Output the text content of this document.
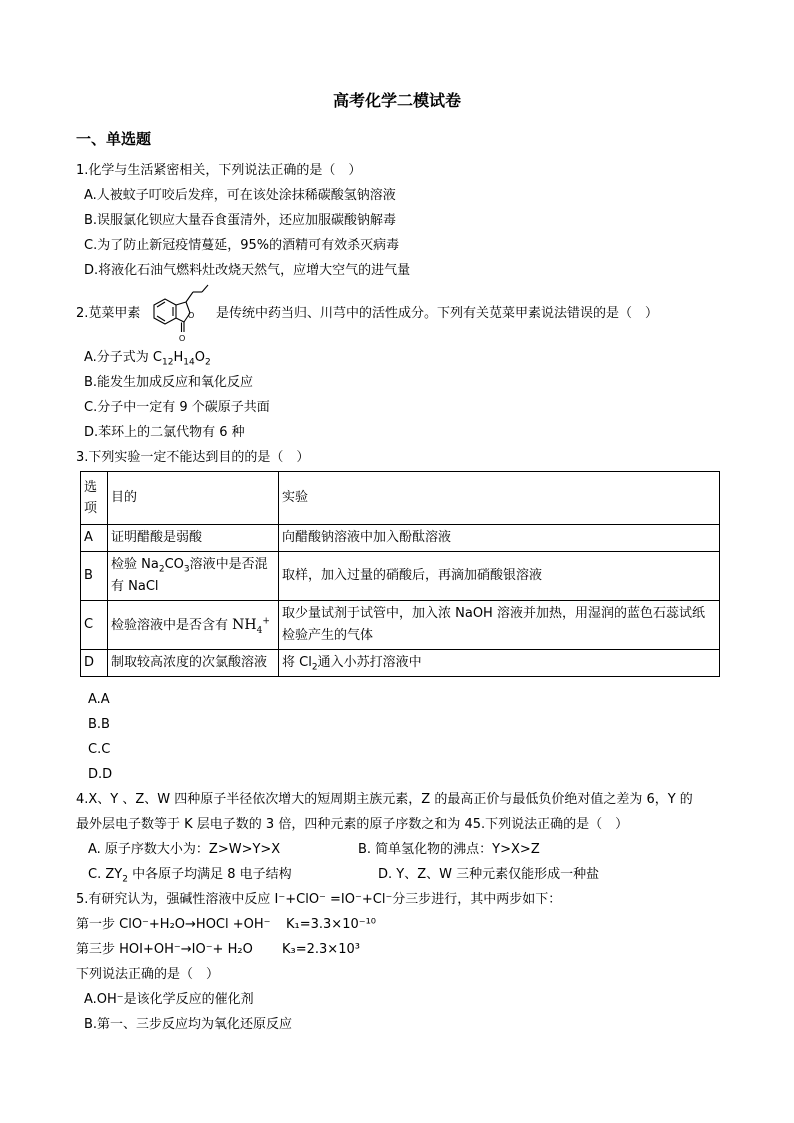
高考化学二模试卷
一、单选题
1.化学与生活紧密相关，下列说法正确的是（　）
A.人被蚊子叮咬后发痒，可在该处涂抹稀碳酸氢钠溶液
B.误服氯化钡应大量吞食蛋清外，还应加服碳酸钠解毒
C.为了防止新冠疫情蔓延，95%的酒精可有效杀灭病毒
D.将液化石油气燃料灶改烧天然气，应增大空气的进气量
2.苋菜甲素	O
O
是传统中药当归、川芎中的活性成分。下列有关苋菜甲素说法错误的是（　）
A.分子式为 $C_{12}H_{14}O_2$
B.能发生加成反应和氧化反应
C.分子中一定有 9 个碳原子共面
D.苯环上的二氯代物有 6 种
3.下列实验一定不能达到目的的是（　）
选项	目的	实验
A	证明醋酸是弱酸	向醋酸钠溶液中加入酚酞溶液
B	检验 $Na_2CO_3$溶液中是否混有 NaCl	取样，加入过量的硝酸后，再滴加硝酸银溶液
C	检验溶液中是否含有 $NH_4^+$	取少量试剂于试管中，加入浓 NaOH 溶液并加热，用湿润的蓝色石蕊试纸检验产生的气体
D	制取较高浓度的次氯酸溶液	将 $Cl_2$通入小苏打溶液中
A.A
B.B
C.C
D.D
4.X、Y 、Z、W 四种原子半径依次增大的短周期主族元素，Z 的最高正价与最低负价绝对值之差为 6，Y 的
最外层电子数等于 K 层电子数的 3 倍，四种元素的原子序数之和为 45.下列说法正确的是（　）
A. 原子序数大小为：Z>W>Y>X	B. 简单氢化物的沸点：Y>X>Z
C. $ZY_2$ 中各原子均满足 8 电子结构	D. Y、Z、W 三种元素仅能形成一种盐
5.有研究认为，强碱性溶液中反应 I⁻+ClO⁻ =IO⁻+Cl⁻分三步进行，其中两步如下：
第一步 ClO⁻+H₂O→HOCl +OH⁻ K₁=3.3×10⁻¹⁰
第三步 HOI+OH⁻→IO⁻+ H₂O K₃=2.3×10³
下列说法正确的是（　）
A.OH⁻是该化学反应的催化剂
B.第一、三步反应均为氧化还原反应
